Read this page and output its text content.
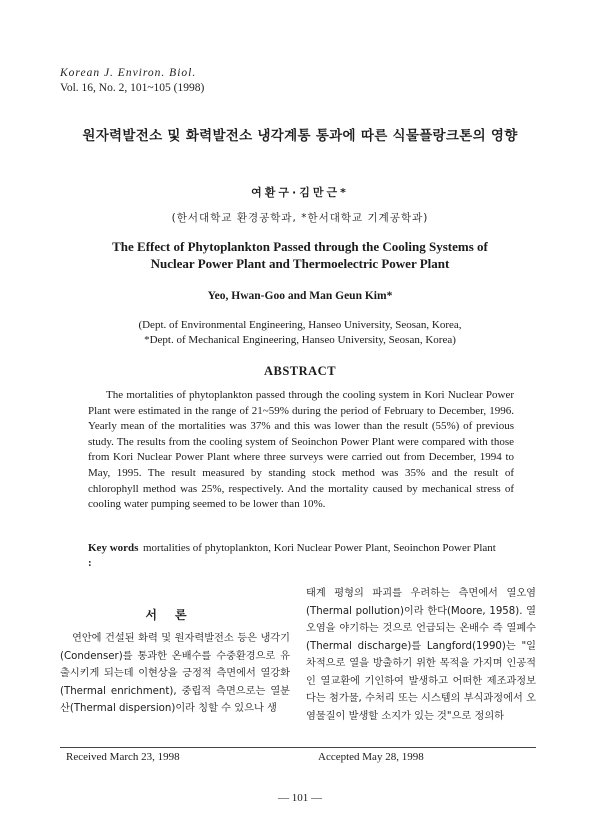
Korean J. Environ. Biol.
Vol. 16, No. 2, 101~105 (1998)
원자력발전소 및 화력발전소 냉각계통 통과에 따른 식물플랑크톤의 영향
여환구·김만근*
(한서대학교 환경공학과, *한서대학교 기계공학과)
The Effect of Phytoplankton Passed through the Cooling Systems of
Nuclear Power Plant and Thermoelectric Power Plant
Yeo, Hwan-Goo and Man Geun Kim*
(Dept. of Environmental Engineering, Hanseo University, Seosan, Korea,
*Dept. of Mechanical Engineering, Hanseo University, Seosan, Korea)
ABSTRACT
The mortalities of phytoplankton passed through the cooling system in Kori Nuclear Power Plant were estimated in the range of 21~59% during the period of February to December, 1996. Yearly mean of the mortalities was 37% and this was lower than the result (55%) of previous study. The results from the cooling system of Seoinchon Power Plant were compared with those from Kori Nuclear Power Plant where three surveys were carried out from December, 1994 to May, 1995. The result measured by standing stock method was 35% and the result of chlorophyll method was 25%, respectively. And the mortality caused by mechanical stress of cooling water pumping seemed to be lower than 10%.
Key words :
mortalities of phytoplankton, Kori Nuclear Power Plant, Seoinchon Power Plant
서론
연안에 건설된 화력 및 원자력발전소 등은 냉각기(Condenser)를 통과한 온배수를 수중환경으로 유출시키게 되는데 이현상을 긍정적 측면에서 열강화(Thermal enrichment), 중립적 측면으로는 열분산(Thermal dispersion)이라 칭할 수 있으나 생
태계 평형의 파괴를 우려하는 측면에서 열오염(Thermal pollution)이라 한다(Moore, 1958). 열오염을 야기하는 것으로 언급되는 온배수 즉 열폐수(Thermal discharge)를 Langford(1990)는 "일차적으로 열을 방출하기 위한 목적을 가지며 인공적인 열교환에 기인하여 발생하고 어떠한 제조과정보다는 첨가물, 수처리 또는 시스템의 부식과정에서 오염물질이 발생할 소지가 있는 것"으로 정의하
Received March 23, 1998	Accepted May 28, 1998
— 101 —
